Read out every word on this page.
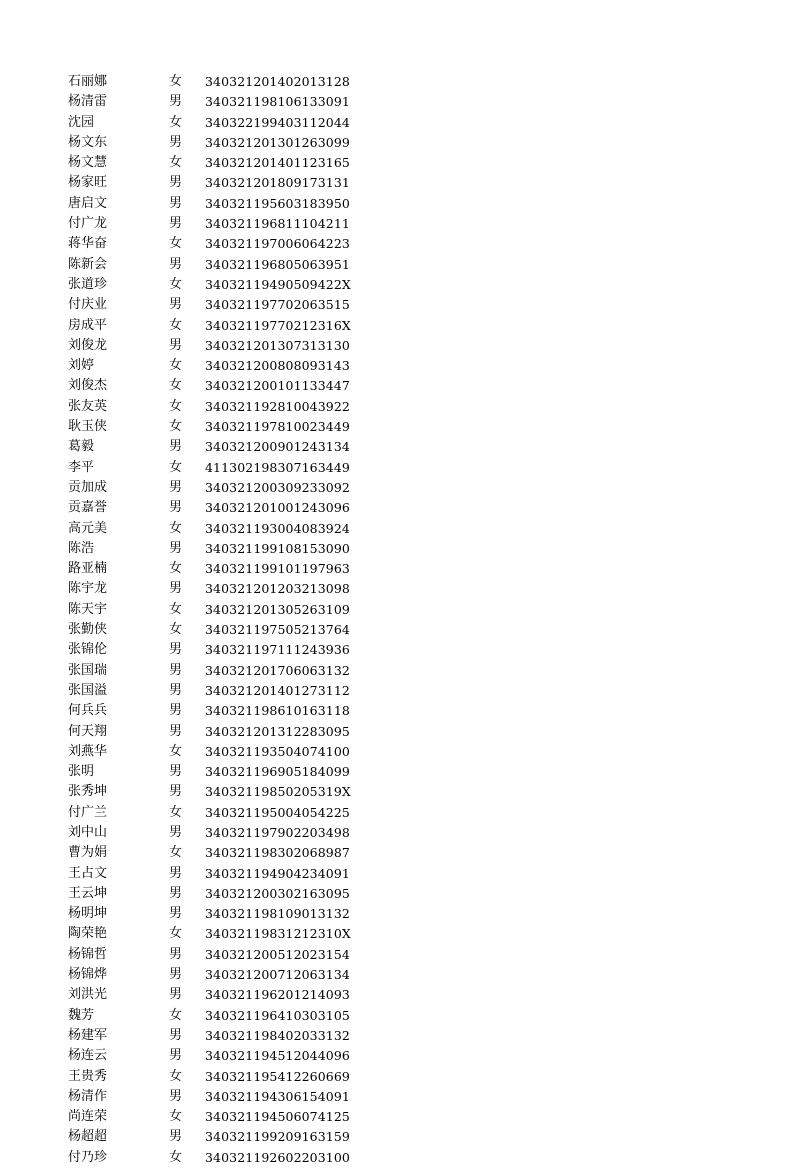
石丽娜	女 340321201402013128
杨清雷	男 340321198106133091
沈园	女 340322199403112044
杨文东	男 340321201301263099
杨文慧	女 340321201401123165
杨家旺	男 340321201809173131
唐启文	男 340321195603183950
付广龙	男 340321196811104211
蒋华奋	女 340321197006064223
陈新会	男 340321196805063951
张道珍	女 34032119490509422X
付庆业	男 340321197702063515
房成平	女 34032119770212316X
刘俊龙	男 340321201307313130
刘婷	女 340321200808093143
刘俊杰	女 340321200101133447
张友英	女 340321192810043922
耿玉侠	女 340321197810023449
葛毅	男 340321200901243134
李平	女 411302198307163449
贡加成	男 340321200309233092
贡嘉誉	男 340321201001243096
高元美	女 340321193004083924
陈浩	男 340321199108153090
路亚楠	女 340321199101197963
陈宇龙	男 340321201203213098
陈天宇	女 340321201305263109
张勤侠	女 340321197505213764
张锦伦	男 340321197111243936
张国瑞	男 340321201706063132
张国溢	男 340321201401273112
何兵兵	男 340321198610163118
何天翔	男 340321201312283095
刘燕华	女 340321193504074100
张明	男 340321196905184099
张秀坤	男 34032119850205319X
付广兰	女 340321195004054225
刘中山	男 340321197902203498
曹为娟	女 340321198302068987
王占文	男 340321194904234091
王云坤	男 340321200302163095
杨明坤	男 340321198109013132
陶荣艳	女 34032119831212310X
杨锦哲	男 340321200512023154
杨锦烨	男 340321200712063134
刘洪光	男 340321196201214093
魏芳	女 340321196410303105
杨建军	男 340321198402033132
杨连云	男 340321194512044096
王贵秀	女 340321195412260669
杨清作	男 340321194306154091
尚连荣	女 340321194506074125
杨超超	男 340321199209163159
付乃珍	女 340321192602203100
